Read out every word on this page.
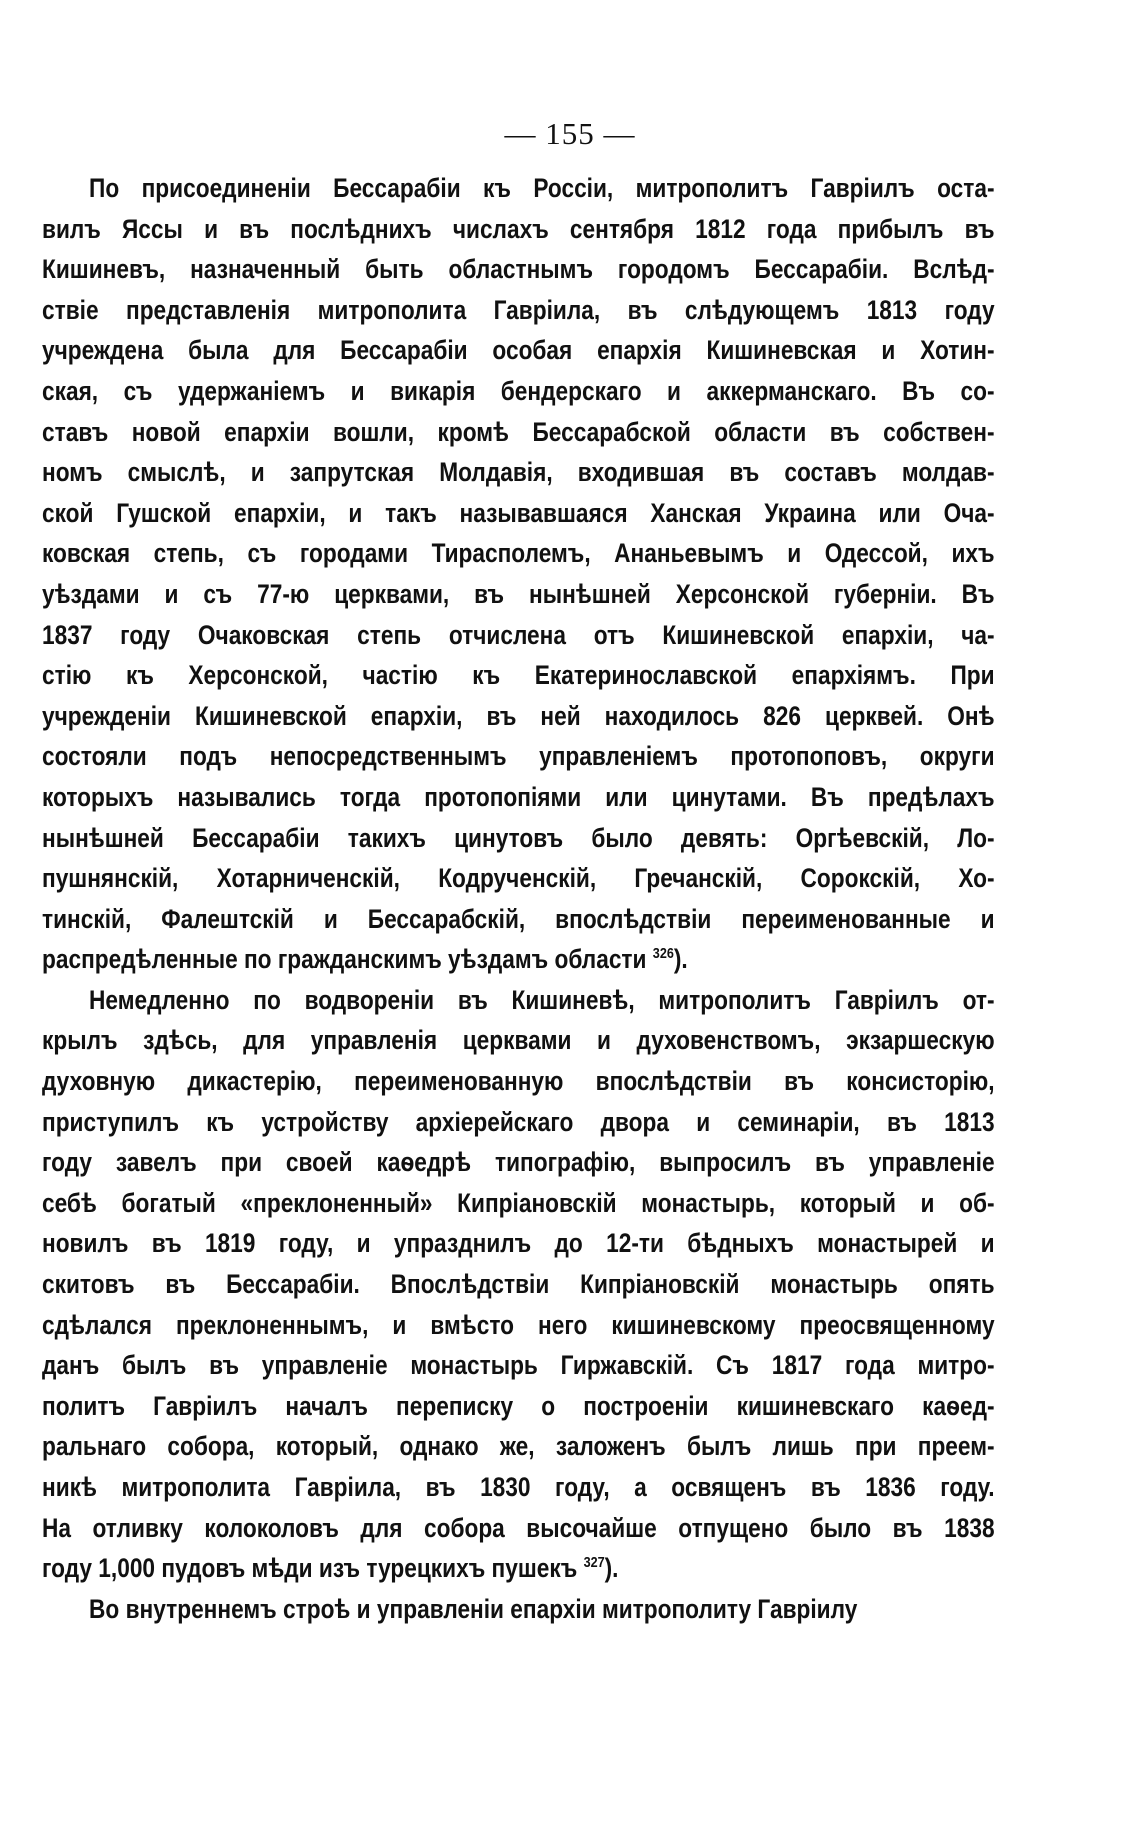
— 155 —
По присоединеніи Бессарабіи къ Россіи, митрополитъ Гавріилъ оста-
вилъ Яссы и въ послѣднихъ числахъ сентября 1812 года прибылъ въ
Кишиневъ, назначенный быть областнымъ городомъ Бессарабіи. Вслѣд-
ствіе представленія митрополита Гавріила, въ слѣдующемъ 1813 году
учреждена была для Бессарабіи особая епархія Кишиневская и Хотин-
ская, съ удержаніемъ и викарія бендерскаго и аккерманскаго. Въ со-
ставъ новой епархіи вошли, кромѣ Бессарабской области въ собствен-
номъ смыслѣ, и запрутская Молдавія, входившая въ составъ молдав-
ской Гушской епархіи, и такъ называвшаяся Ханская Украина или Оча-
ковская степь, съ городами Тирасполемъ, Ананьевымъ и Одессой, ихъ
уѣздами и съ 77-ю церквами, въ нынѣшней Херсонской губерніи. Въ
1837 году Очаковская степь отчислена отъ Кишиневской епархіи, ча-
стію къ Херсонской, частію къ Екатеринославской епархіямъ. При
учрежденіи Кишиневской епархіи, въ ней находилось 826 церквей. Онѣ
состояли подъ непосредственнымъ управленіемъ протопоповъ, округи
которыхъ назывались тогда протопопіями или цинутами. Въ предѣлахъ
нынѣшней Бессарабіи такихъ цинутовъ было девять: Оргѣевскій, Ло-
пушнянскій, Хотарниченскій, Кодрученскій, Гречанскій, Сорокскій, Хо-
тинскій, Фалештскій и Бессарабскій, впослѣдствіи переименованные и
распредѣленные по гражданскимъ уѣздамъ области $^{326}$).
Немедленно по водвореніи въ Кишиневѣ, митрополитъ Гавріилъ от-
крылъ здѣсь, для управленія церквами и духовенствомъ, экзаршескую
духовную дикастерію, переименованную впослѣдствіи въ консисторію,
приступилъ къ устройству архіерейскаго двора и семинаріи, въ 1813
году завелъ при своей каѳедрѣ типографію, выпросилъ въ управленіе
себѣ богатый «преклоненный» Кипріановскій монастырь, который и об-
новилъ въ 1819 году, и упразднилъ до 12-ти бѣдныхъ монастырей и
скитовъ въ Бессарабіи. Впослѣдствіи Кипріановскій монастырь опять
сдѣлался преклоненнымъ, и вмѣсто него кишиневскому преосвященному
данъ былъ въ управленіе монастырь Гиржавскій. Съ 1817 года митро-
политъ Гавріилъ началъ переписку о построеніи кишиневскаго каѳед-
ральнаго собора, который, однако же, заложенъ былъ лишь при преем-
никѣ митрополита Гавріила, въ 1830 году, а освященъ въ 1836 году.
На отливку колоколовъ для собора высочайше отпущено было въ 1838
году 1,000 пудовъ мѣди изъ турецкихъ пушекъ $^{327}$).
Во внутреннемъ строѣ и управленіи епархіи митрополиту Гавріилу
